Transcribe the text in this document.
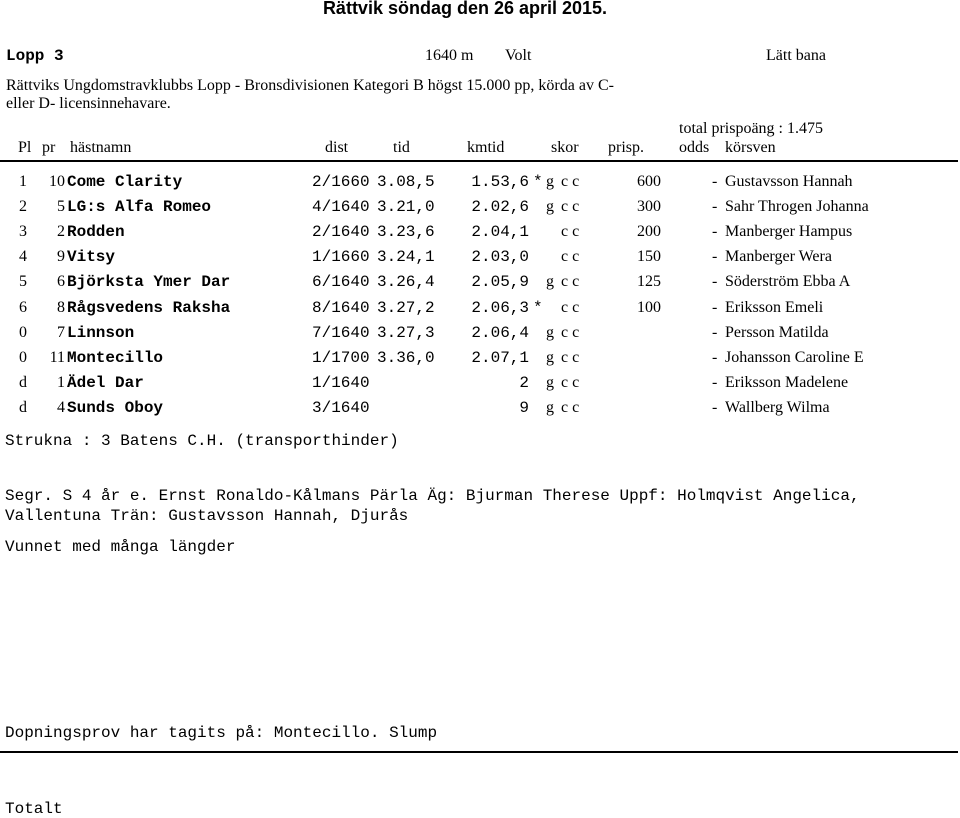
Rättvik söndag den 26 april 2015.
Lopp 3	1640 m Volt	Lätt bana
Rättviks Ungdomstravklubbs Lopp - Bronsdivisionen Kategori B högst 15.000 pp, körda av C-
eller D- licensinnehavare.
total prispoäng : 1.475
Pl pr hästnamn	dist	tid	kmtid	skor prisp. odds körsven
1 10 Come Clarity	2/1660 3.08,5 1.53,6 * g c c	600	- Gustavsson Hannah
2 5 LG:s Alfa Romeo	4/1640 3.21,0 2.02,6 g c c	300	- Sahr Throgen Johanna
3 2 Rodden	2/1640 3.23,6 2.04,1 c c	200	- Manberger Hampus
4 9 Vitsy	1/1660 3.24,1 2.03,0 c c	150	- Manberger Wera
5 6 Björksta Ymer Dar	6/1640 3.26,4 2.05,9 g c c	125	- Söderström Ebba A
6 8 Rågsvedens Raksha	8/1640 3.27,2 2.06,3 * c c	100	- Eriksson Emeli
0 7 Linnson	7/1640 3.27,3 2.06,4 g c c	- Persson Matilda
0 11 Montecillo	1/1700 3.36,0 2.07,1 g c c	- Johansson Caroline E
d 1 Ädel Dar	1/1640	2 g c c	- Eriksson Madelene
d 4 Sunds Oboy	3/1640	9 g c c	- Wallberg Wilma
Strukna : 3 Batens C.H. (transporthinder)
Segr. S 4 år e. Ernst Ronaldo-Kålmans Pärla Äg: Bjurman Therese Uppf: Holmqvist Angelica,
Vallentuna Trän: Gustavsson Hannah, Djurås
Vunnet med många längder
Dopningsprov har tagits på: Montecillo. Slump
Totalt
